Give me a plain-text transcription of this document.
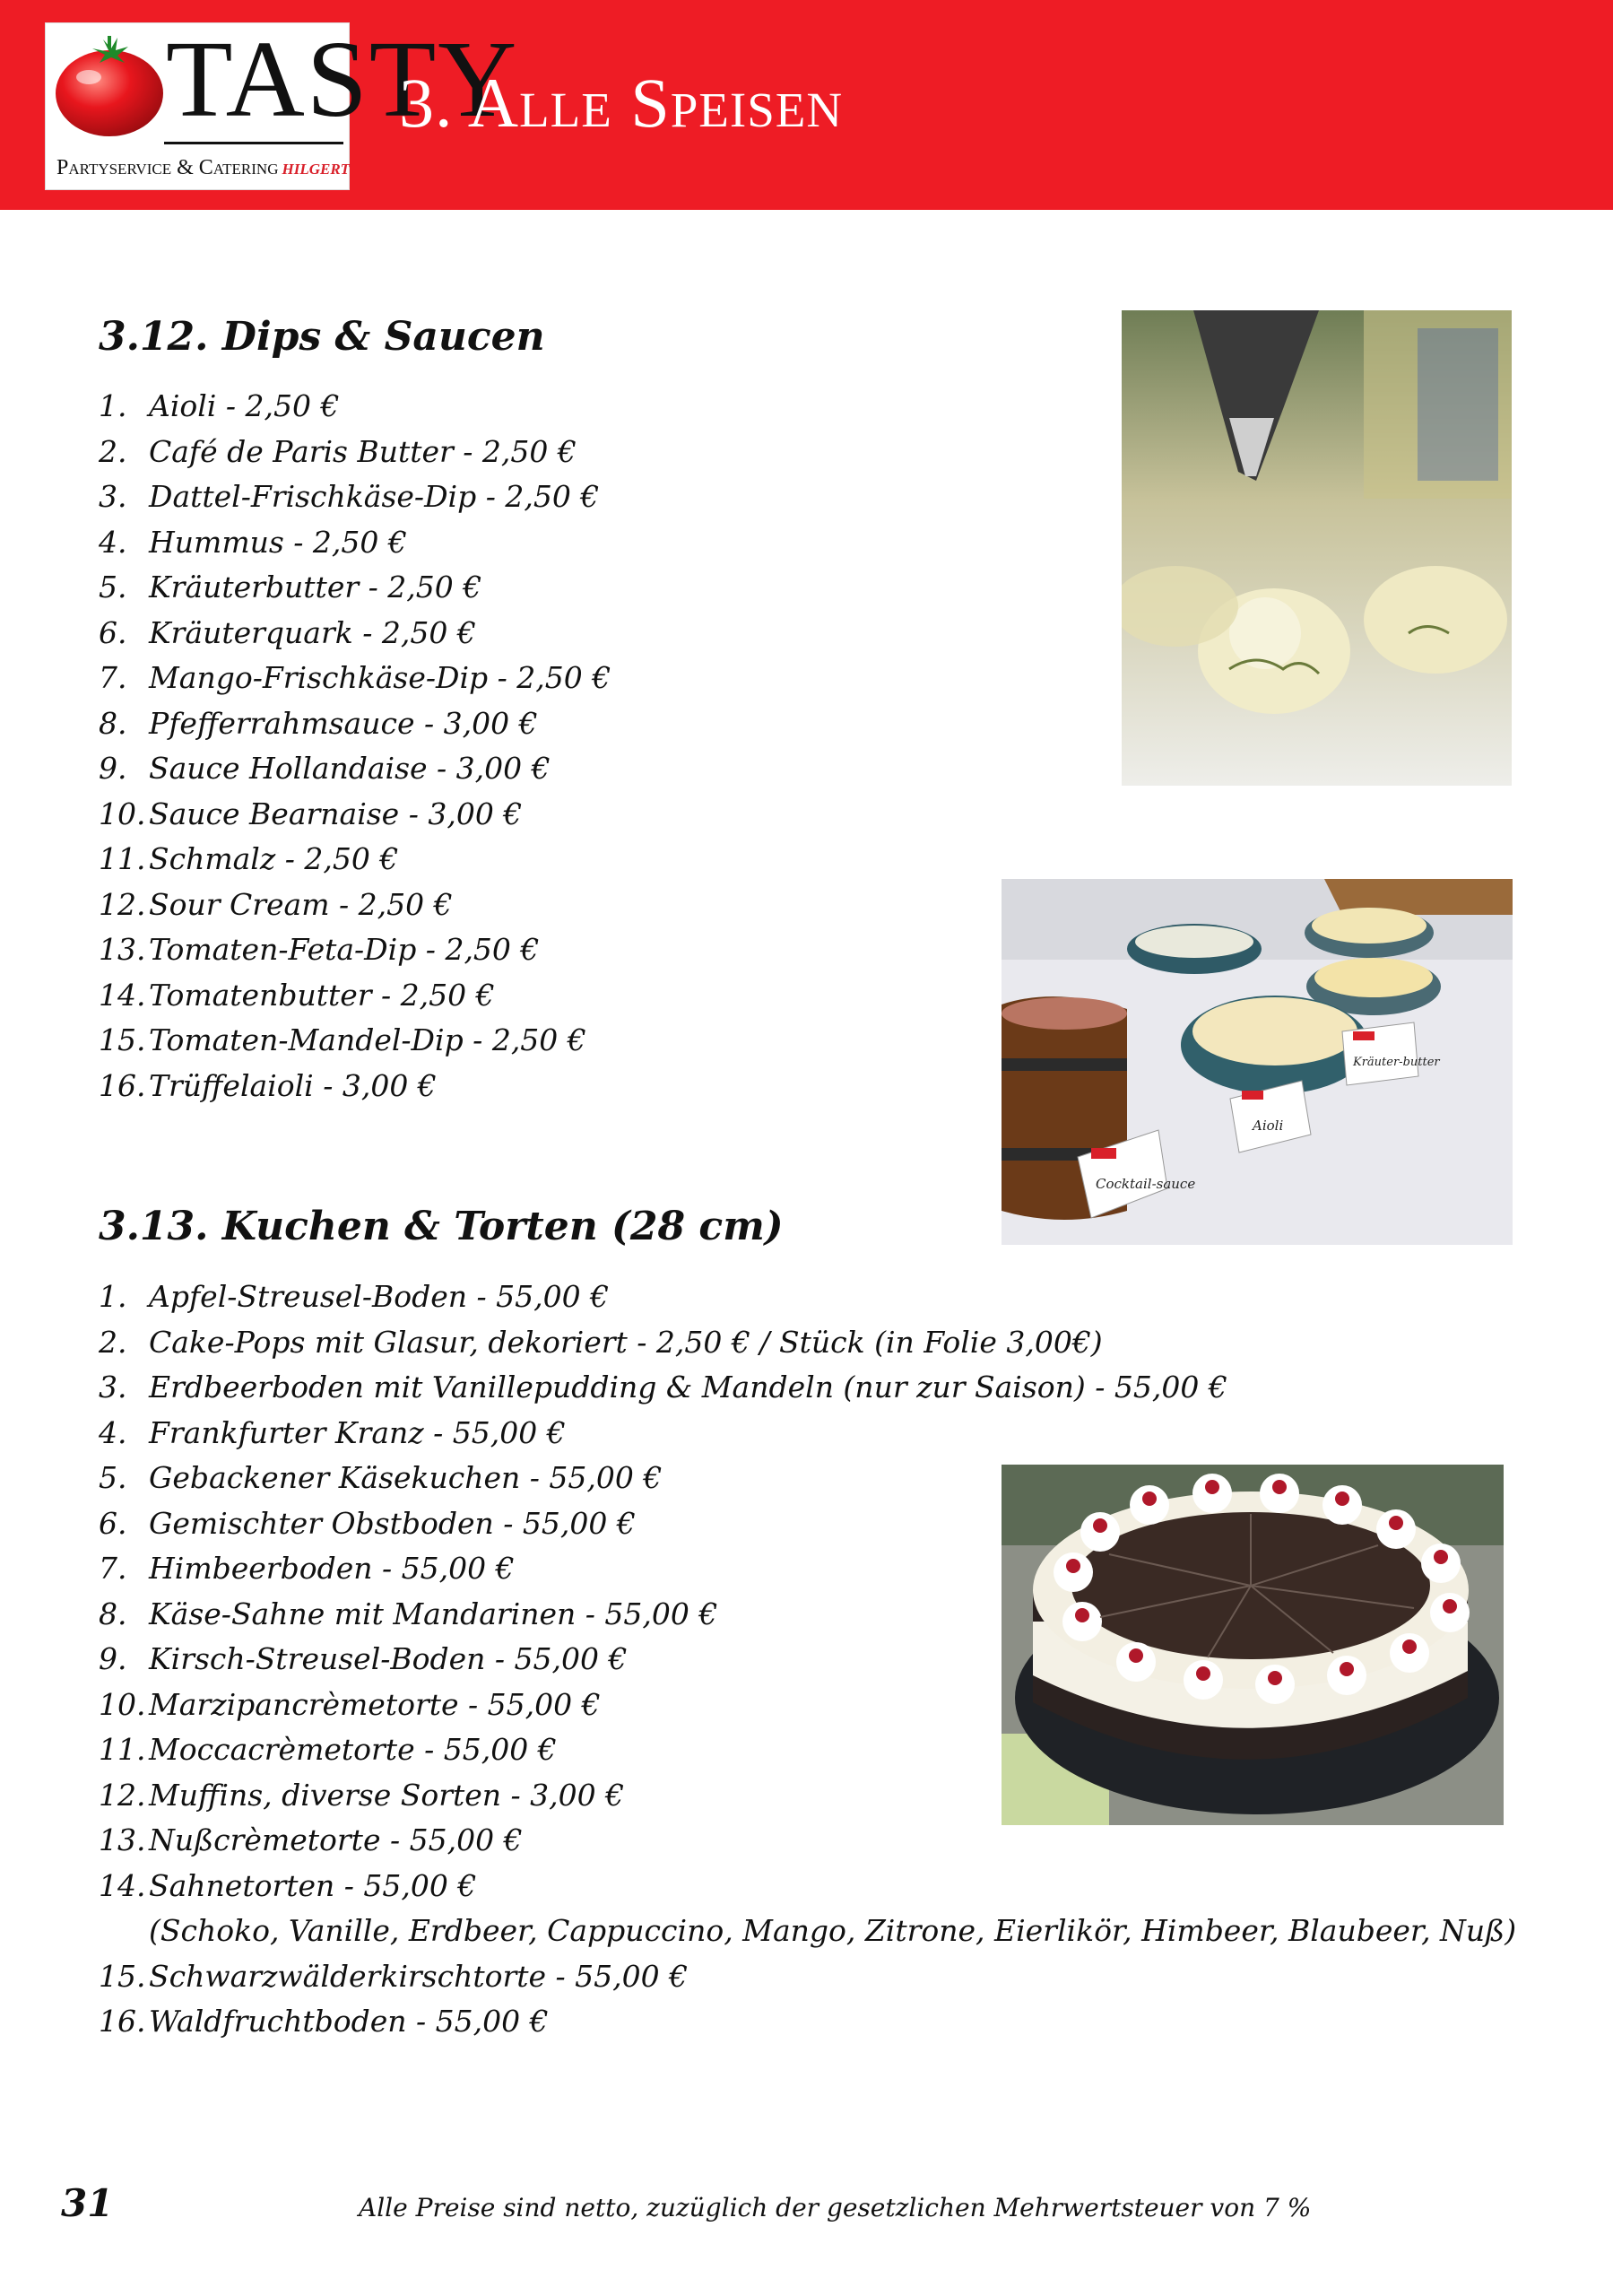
TASTY
Partyservice & Catering hilgert
3. Alle Speisen
3.12. Dips & Saucen
1. Aioli - 2,50 €
2. Café de Paris Butter - 2,50 €
3. Dattel-Frischkäse-Dip - 2,50 €
4. Hummus - 2,50 €
5. Kräuterbutter - 2,50 €
6. Kräuterquark - 2,50 €
7. Mango-Frischkäse-Dip - 2,50 €
8. Pfefferrahmsauce - 3,00 €
9. Sauce Hollandaise - 3,00 €
10. Sauce Bearnaise - 3,00 €
11. Schmalz - 2,50 €
12. Sour Cream - 2,50 €
13. Tomaten-Feta-Dip - 2,50 €
14. Tomatenbutter - 2,50 €
15. Tomaten-Mandel-Dip - 2,50 €
16. Trüffelaioli - 3,00 €
3.13. Kuchen & Torten (28 cm)
1. Apfel-Streusel-Boden - 55,00 €
2. Cake-Pops mit Glasur, dekoriert - 2,50 € / Stück (in Folie 3,00€)
3. Erdbeerboden mit Vanillepudding & Mandeln (nur zur Saison) - 55,00 €
4. Frankfurter Kranz - 55,00 €
5. Gebackener Käsekuchen - 55,00 €
6. Gemischter Obstboden - 55,00 €
7. Himbeerboden - 55,00 €
8. Käse-Sahne mit Mandarinen - 55,00 €
9. Kirsch-Streusel-Boden - 55,00 €
10. Marzipancrèmetorte - 55,00 €
11. Moccacrèmetorte - 55,00 €
12. Muffins, diverse Sorten - 3,00 €
13. Nußcrèmetorte - 55,00 €
14. Sahnetorten - 55,00 €
(Schoko, Vanille, Erdbeer, Cappuccino, Mango, Zitrone, Eierlikör, Himbeer, Blaubeer, Nuß)
15. Schwarzwälderkirschtorte - 55,00 €
16. Waldfruchtboden - 55,00 €
Cocktail-sauce
Aioli
Kräuter-butter
31	Alle Preise sind netto, zuzüglich der gesetzlichen Mehrwertsteuer von 7 %
